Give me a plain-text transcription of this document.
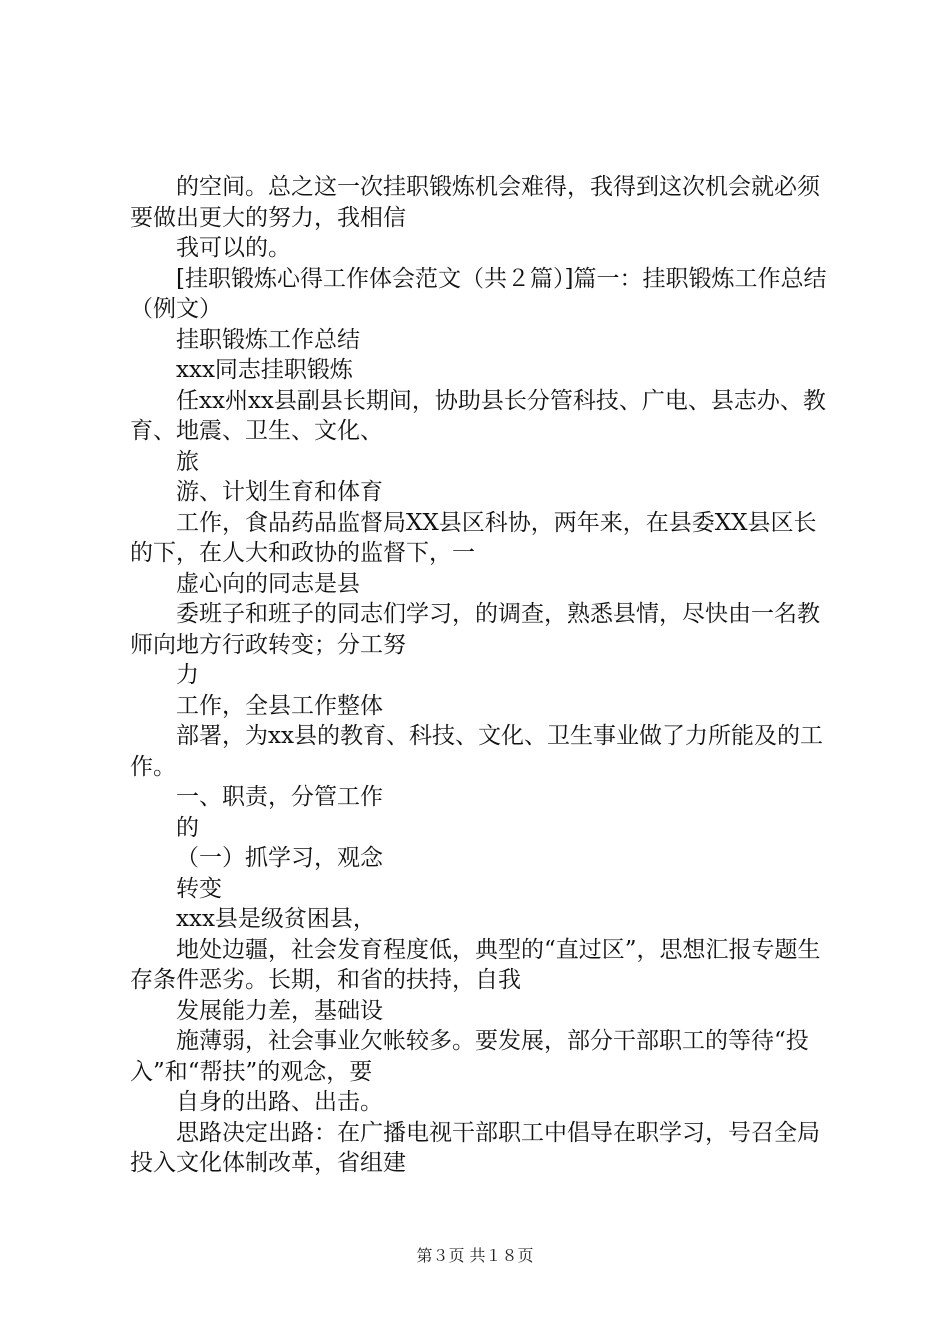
的空间。总之这一次挂职锻炼机会难得，我得到这次机会就必须要做出更大的努力，我相信

我可以的。

[挂职锻炼心得工作体会范文（共２篇）]篇一：挂职锻炼工作总结（例文）

挂职锻炼工作总结

xxx同志挂职锻炼

任xx州xx县副县长期间，协助县长分管科技、广电、县志办、教育、地震、卫生、文化、

旅

游、计划生育和体育

工作，食品药品监督局XX县区科协，两年来，在县委XX县区长的下，在人大和政协的监督下，一

虚心向的同志是县

委班子和班子的同志们学习，的调查，熟悉县情，尽快由一名教师向地方行政转变；分工努

力

工作，全县工作整体

部署，为xx县的教育、科技、文化、卫生事业做了力所能及的工作。

一、职责，分管工作

的

（一）抓学习，观念

转变

xxx县是级贫困县，

地处边疆，社会发育程度低，典型的“直过区”，思想汇报专题生存条件恶劣。长期，和省的扶持，自我

发展能力差，基础设

施薄弱，社会事业欠帐较多。要发展，部分干部职工的等待“投入”和“帮扶”的观念，要

自身的出路、出击。

思路决定出路：在广播电视干部职工中倡导在职学习，号召全局投入文化体制改革，省组建

第３页 共１８页
